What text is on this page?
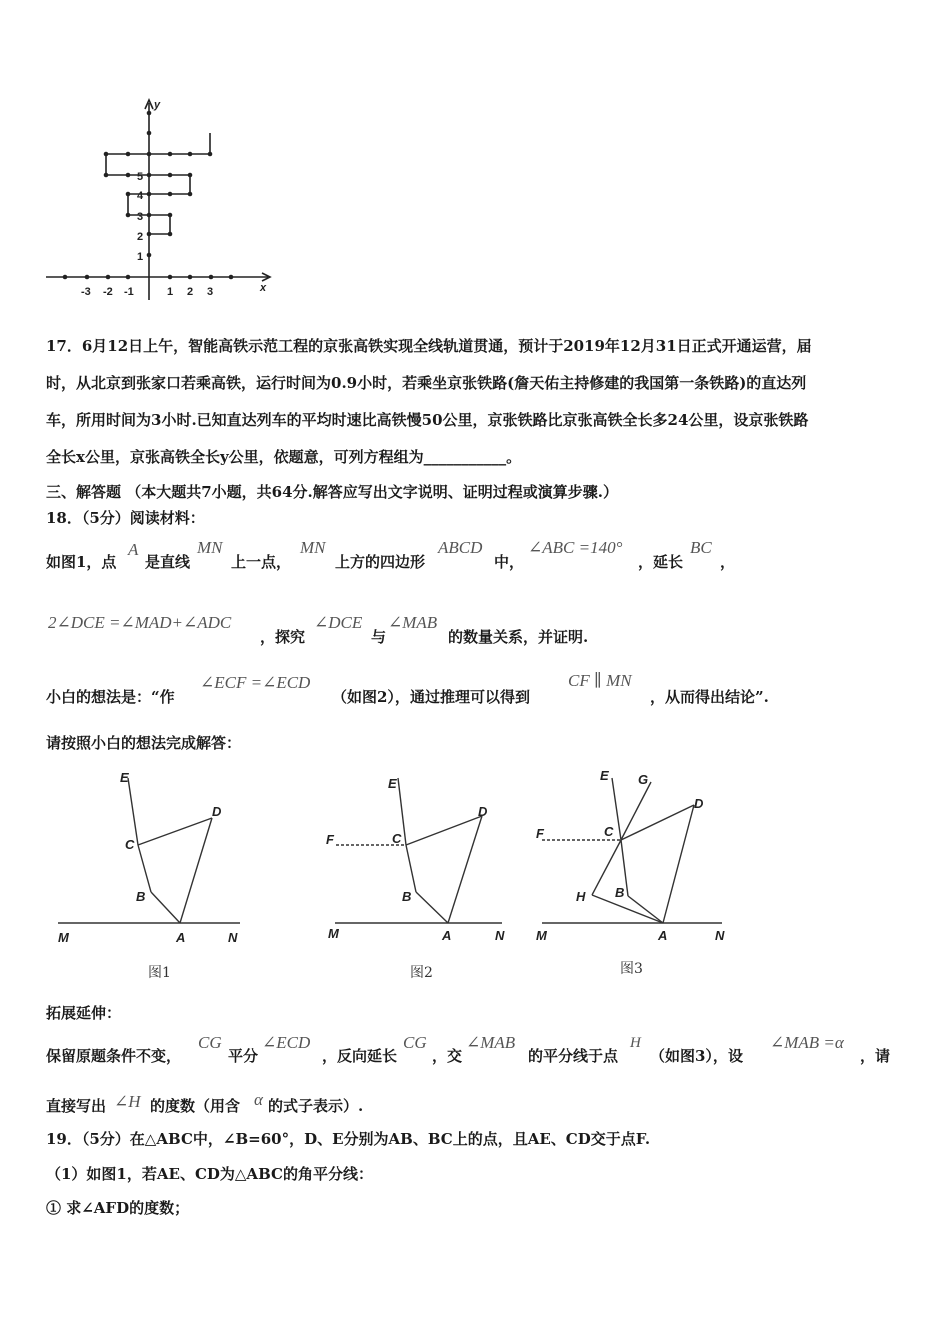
y
x
-3 -2 -1	1 2 3
1
2
3
4
5
17．6月12日上午，智能高铁示范工程的京张高铁实现全线轨道贯通，预计于2019年12月31日正式开通运营，届
时，从北京到张家口若乘高铁，运行时间为0.9小时，若乘坐京张铁路(詹天佑主持修建的我国第一条铁路)的直达列
车，所用时间为3小时.已知直达列车的平均时速比高铁慢50公里，京张铁路比京张高铁全长多24公里，设京张铁路
全长x公里，京张高铁全长y公里，依题意，可列方程组为___________。
三、解答题 （本大题共7小题，共64分.解答应写出文字说明、证明过程或演算步骤.）
18．（5分）阅读材料：
如图1，点
A
是直线
MN
上一点，
MN
上方的四边形
ABCD
中，
∠ABC =140°
，延长
BC
，
2∠DCE =∠MAD+∠ADC
，探究
∠DCE
与
∠MAB
的数量关系，并证明.
小白的想法是：“作
∠ECF =∠ECD
（如图2），通过推理可以得到
CF ∥ MN
，从而得出结论”.
请按照小白的想法完成解答：
E
C
D
B
M	A	N
图1
E
F	C
D
B
M	A	N
图2
E G
D
F	C
H B
M	A	N
图3
拓展延伸：
保留原题条件不变，
CG
平分
∠ECD
，反向延长
CG
，交
∠MAB
的平分线于点
H
（如图3），设
∠MAB =α
，请
直接写出 ∠H 的度数（用含 α 的式子表示）.
19．（5分）在△ABC中，∠B=60°，D、E分别为AB、BC上的点，且AE、CD交于点F.
（1）如图1，若AE、CD为△ABC的角平分线：
① 求∠AFD的度数；
